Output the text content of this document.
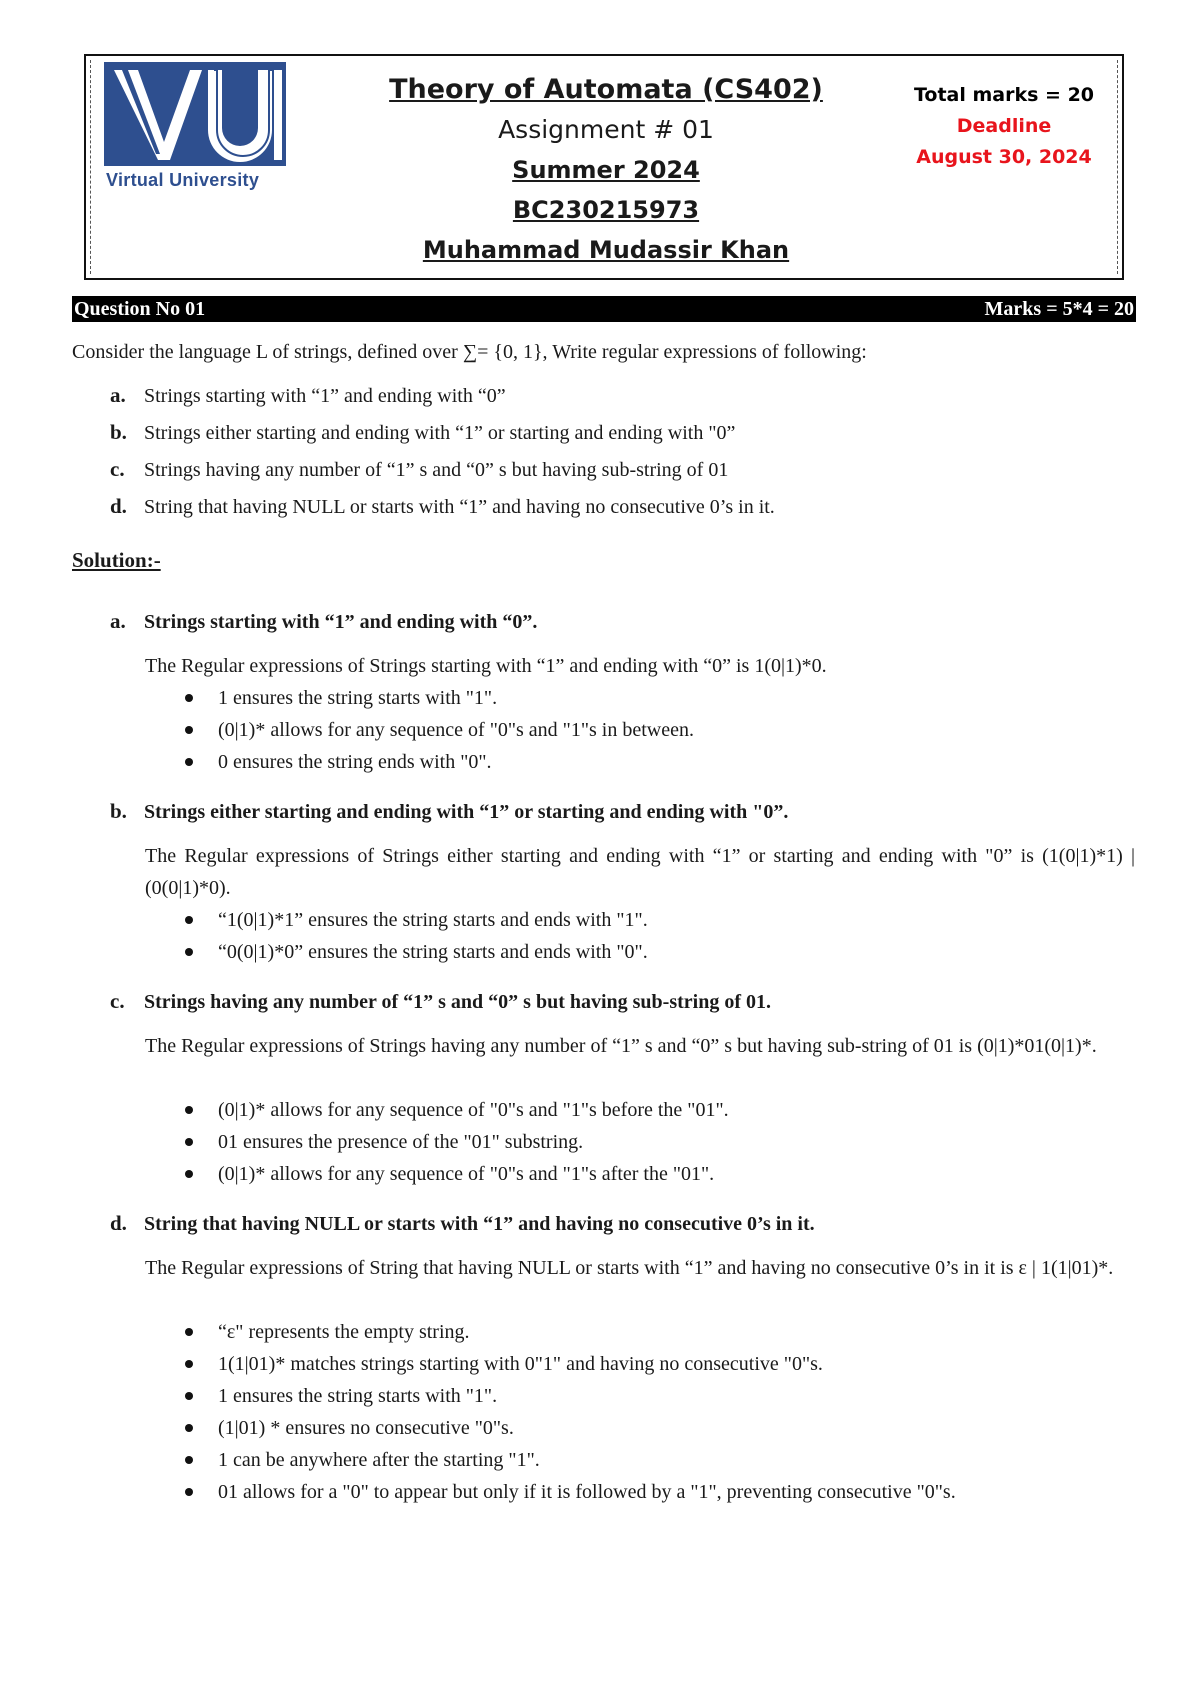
Virtual University
Theory of Automata (CS402)
Assignment # 01
Summer 2024
BC230215973
Muhammad Mudassir Khan
Total marks = 20
Deadline
August 30, 2024
Question No 01	Marks = 5*4 = 20
Consider the language L of strings, defined over ∑= {0, 1}, Write regular expressions of following:
a. Strings starting with “1” and ending with “0”
b. Strings either starting and ending with “1” or starting and ending with "0”
c. Strings having any number of “1” s and “0” s but having sub-string of 01
d. String that having NULL or starts with “1” and having no consecutive 0’s in it.
Solution:-
a. Strings starting with “1” and ending with “0”.
The Regular expressions of Strings starting with “1” and ending with “0” is 1(0|1)*0.
1 ensures the string starts with "1".
(0|1)* allows for any sequence of "0"s and "1"s in between.
0 ensures the string ends with "0".
b. Strings either starting and ending with “1” or starting and ending with "0”.
The Regular expressions of Strings either starting and ending with “1” or starting and ending with "0” is (1(0|1)*1) | (0(0|1)*0).
“1(0|1)*1” ensures the string starts and ends with "1".
“0(0|1)*0” ensures the string starts and ends with "0".
c. Strings having any number of “1” s and “0” s but having sub-string of 01.
The Regular expressions of Strings having any number of “1” s and “0” s but having sub-string of 01 is (0|1)*01(0|1)*.
(0|1)* allows for any sequence of "0"s and "1"s before the "01".
01 ensures the presence of the "01" substring.
(0|1)* allows for any sequence of "0"s and "1"s after the "01".
d. String that having NULL or starts with “1” and having no consecutive 0’s in it.
The Regular expressions of String that having NULL or starts with “1” and having no consecutive 0’s in it is ε | 1(1|01)*.
“ε" represents the empty string.
1(1|01)* matches strings starting with 0"1" and having no consecutive "0"s.
1 ensures the string starts with "1".
(1|01) * ensures no consecutive "0"s.
1 can be anywhere after the starting "1".
01 allows for a "0" to appear but only if it is followed by a "1", preventing consecutive "0"s.
